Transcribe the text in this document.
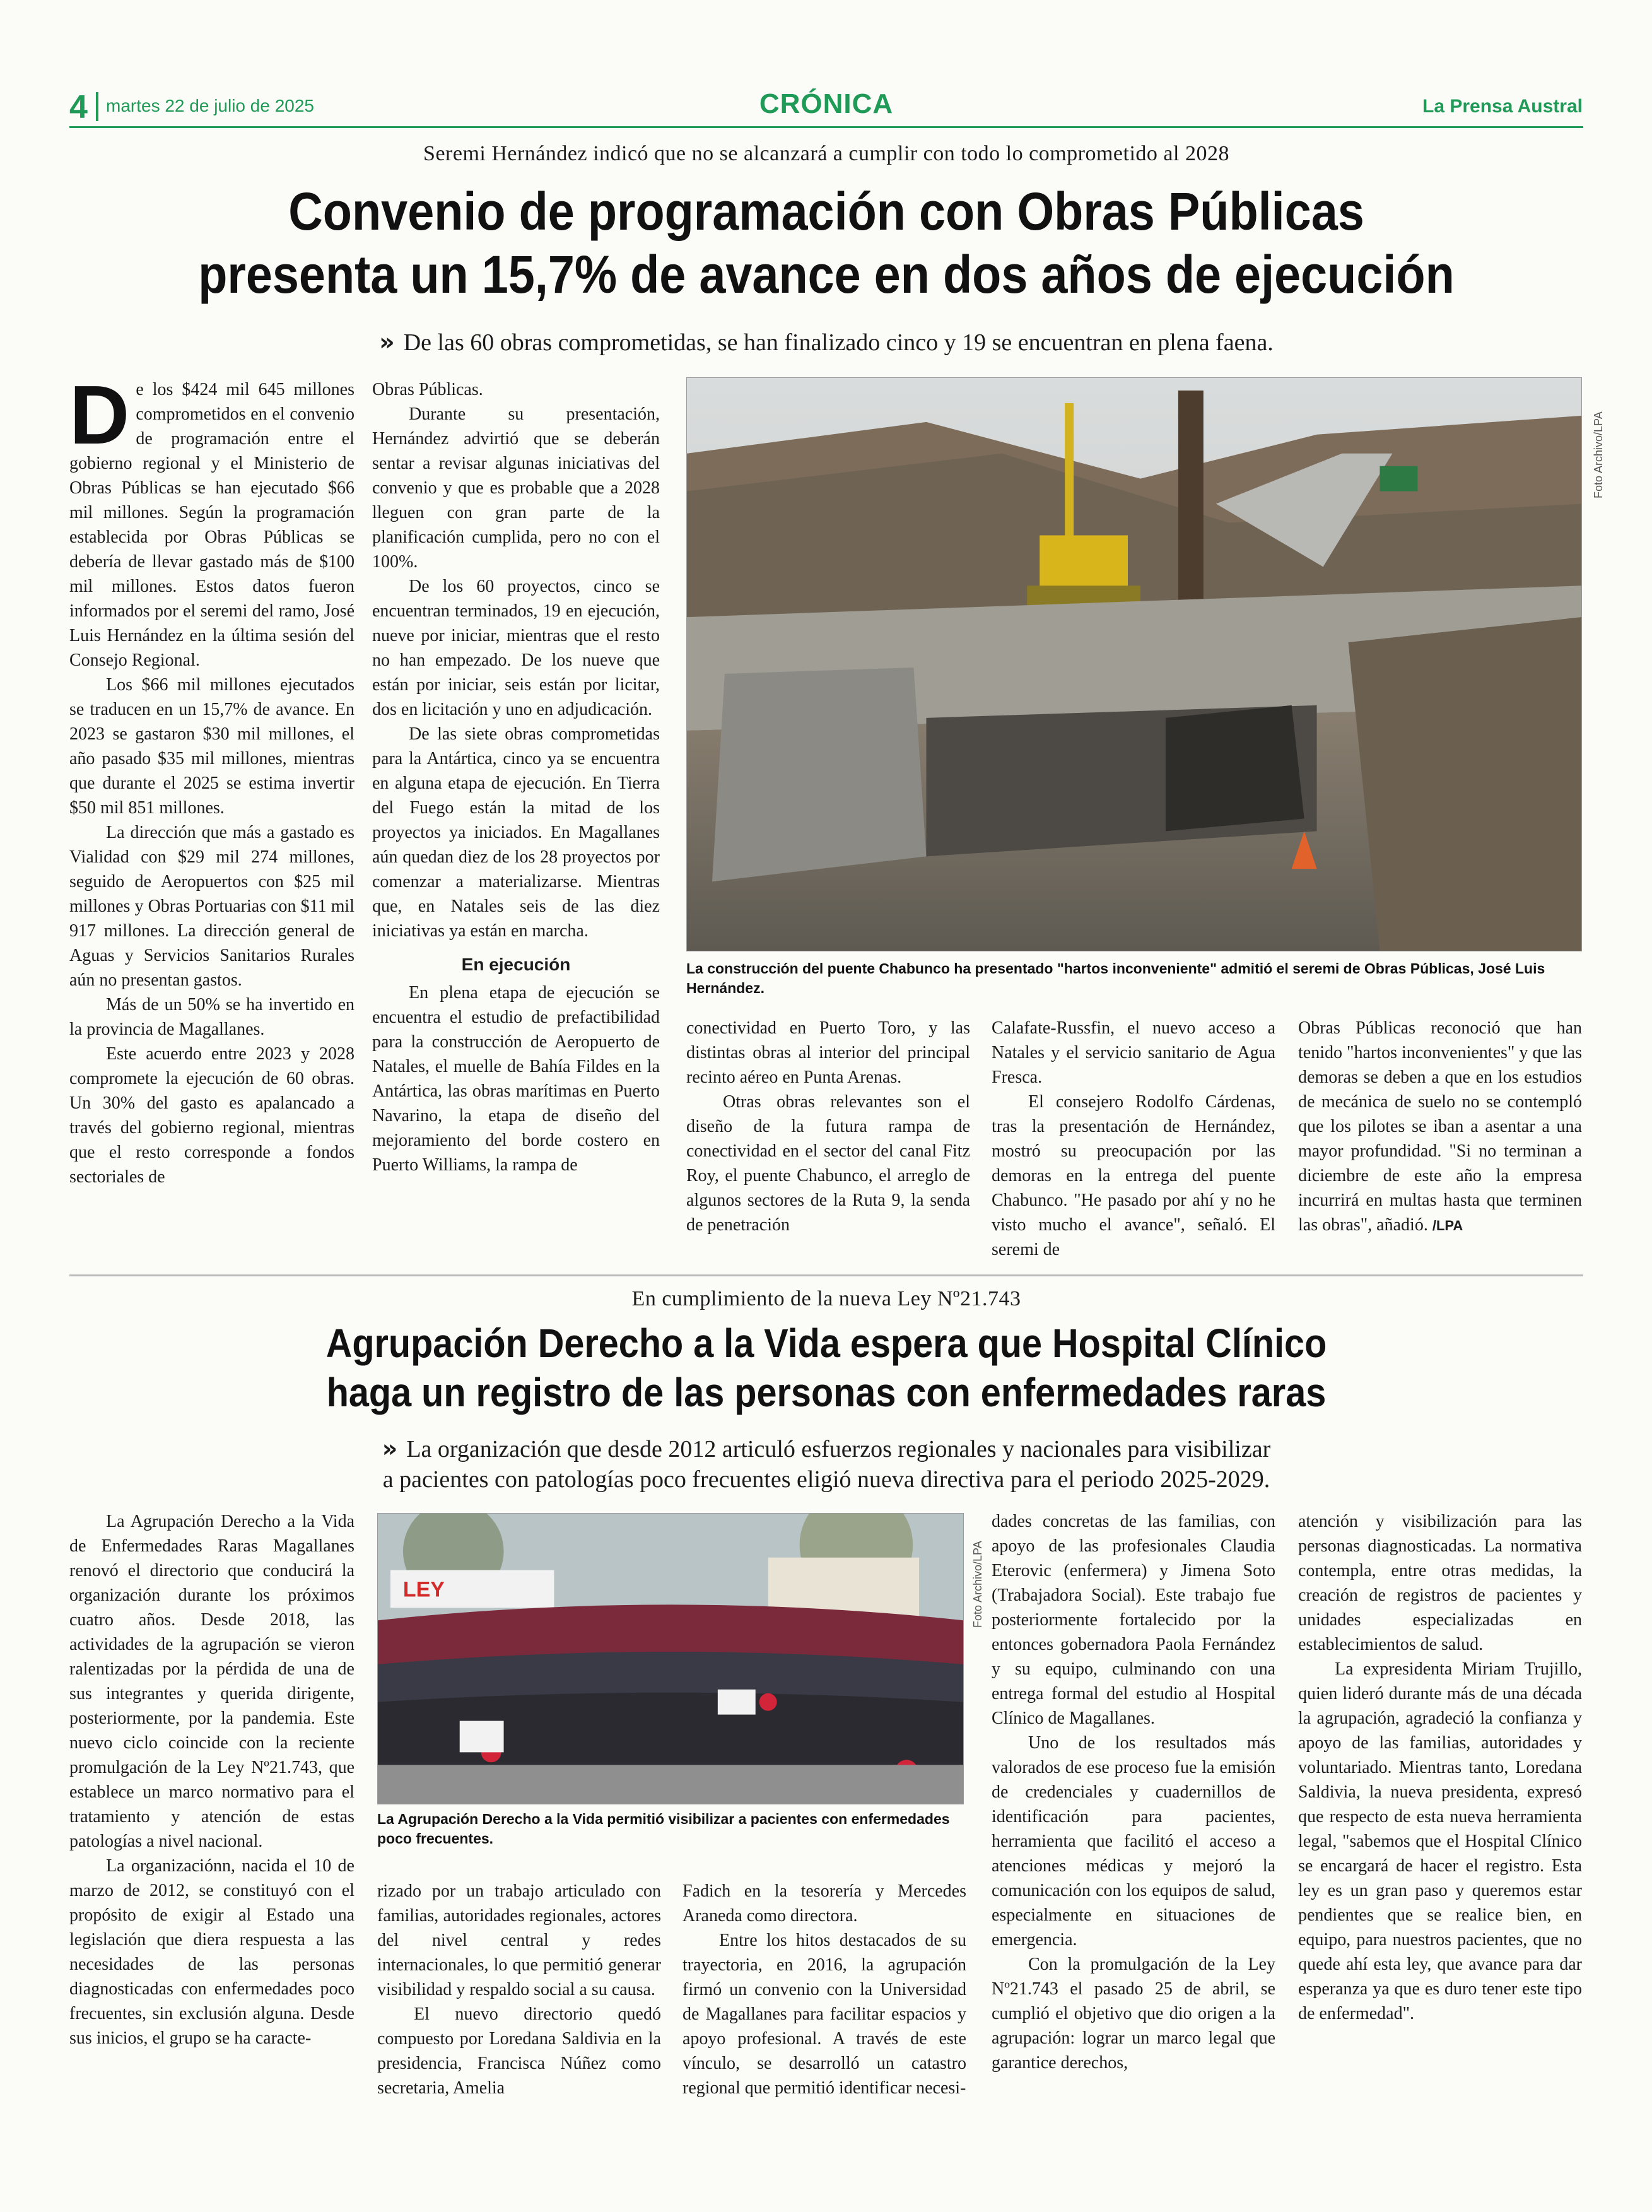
4 martes 22 de julio de 2025	CRÓNICA	La Prensa Austral
Seremi Hernández indicó que no se alcanzará a cumplir con todo lo comprometido al 2028
Convenio de programación con Obras Públicas
presenta un 15,7% de avance en dos años de ejecución
» De las 60 obras comprometidas, se han finalizado cinco y 19 se encuentran en plena faena.

De los $424 mil 645 millones comprometidos en el convenio de programación entre el gobierno regional y el Ministerio de Obras Públicas se han ejecutado $66 mil millones. Según la programación establecida por Obras Públicas se debería de llevar gastado más de $100 mil millones. Estos datos fueron informados por el seremi del ramo, José Luis Hernández en la última sesión del Consejo Regional.

Los $66 mil millones ejecutados se traducen en un 15,7% de avance. En 2023 se gastaron $30 mil millones, el año pasado $35 mil millones, mientras que durante el 2025 se estima invertir $50 mil 851 millones.

La dirección que más a gastado es Vialidad con $29 mil 274 millones, seguido de Aeropuertos con $25 mil millones y Obras Portuarias con $11 mil 917 millones. La dirección general de Aguas y Servicios Sanitarios Rurales aún no presentan gastos.

Más de un 50% se ha invertido en la provincia de Magallanes.

Este acuerdo entre 2023 y 2028 compromete la ejecución de 60 obras. Un 30% del gasto es apalancado a través del gobierno regional, mientras que el resto corresponde a fondos sectoriales de

Obras Públicas.

Durante su presentación, Hernández advirtió que se deberán sentar a revisar algunas iniciativas del convenio y que es probable que a 2028 lleguen con gran parte de la planificación cumplida, pero no con el 100%.

De los 60 proyectos, cinco se encuentran terminados, 19 en ejecución, nueve por iniciar, mientras que el resto no han empezado. De los nueve que están por iniciar, seis están por licitar, dos en licitación y uno en adjudicación.

De las siete obras comprometidas para la Antártica, cinco ya se encuentra en alguna etapa de ejecución. En Tierra del Fuego están la mitad de los proyectos ya iniciados. En Magallanes aún quedan diez de los 28 proyectos por comenzar a materializarse. Mientras que, en Natales seis de las diez iniciativas ya están en marcha.

En ejecución

En plena etapa de ejecución se encuentra el estudio de prefactibilidad para la construcción de Aeropuerto de Natales, el muelle de Bahía Fildes en la Antártica, las obras marítimas en Puerto Navarino, la etapa de diseño del mejoramiento del borde costero en Puerto Williams, la rampa de

Foto Archivo/LPA
La construcción del puente Chabunco ha presentado "hartos inconveniente" admitió el seremi de Obras Públicas, José Luis Hernández.

conectividad en Puerto Toro, y las distintas obras al interior del principal recinto aéreo en Punta Arenas.

Otras obras relevantes son el diseño de la futura rampa de conectividad en el sector del canal Fitz Roy, el puente Chabunco, el arreglo de algunos sectores de la Ruta 9, la senda de penetración

Calafate-Russfin, el nuevo acceso a Natales y el servicio sanitario de Agua Fresca.

El consejero Rodolfo Cárdenas, tras la presentación de Hernández, mostró su preocupación por las demoras en la entrega del puente Chabunco. "He pasado por ahí y no he visto mucho el avance", señaló. El seremi de

Obras Públicas reconoció que han tenido "hartos inconvenientes" y que las demoras se deben a que en los estudios de mecánica de suelo no se contempló que los pilotes se iban a asentar a una mayor profundidad. "Si no terminan a diciembre de este año la empresa incurrirá en multas hasta que terminen las obras", añadió. /LPA

En cumplimiento de la nueva Ley Nº21.743
Agrupación Derecho a la Vida espera que Hospital Clínico
haga un registro de las personas con enfermedades raras
» La organización que desde 2012 articuló esfuerzos regionales y nacionales para visibilizar
a pacientes con patologías poco frecuentes eligió nueva directiva para el periodo 2025-2029.

La Agrupación Derecho a la Vida de Enfermedades Raras Magallanes renovó el directorio que conducirá la organización durante los próximos cuatro años. Desde 2018, las actividades de la agrupación se vieron ralentizadas por la pérdida de una de sus integrantes y querida dirigente, posteriormente, por la pandemia. Este nuevo ciclo coincide con la reciente promulgación de la Ley Nº21.743, que establece un marco normativo para el tratamiento y atención de estas patologías a nivel nacional.

La organizaciónn, nacida el 10 de marzo de 2012, se constituyó con el propósito de exigir al Estado una legislación que diera respuesta a las necesidades de las personas diagnosticadas con enfermedades poco frecuentes, sin exclusión alguna. Desde sus inicios, el grupo se ha caracte-

LEY	Foto Archivo/LPA
La Agrupación Derecho a la Vida permitió visibilizar a pacientes con enfermedades poco frecuentes.

rizado por un trabajo articulado con familias, autoridades regionales, actores del nivel central y redes internacionales, lo que permitió generar visibilidad y respaldo social a su causa.

El nuevo directorio quedó compuesto por Loredana Saldivia en la presidencia, Francisca Núñez como secretaria, Amelia

Fadich en la tesorería y Mercedes Araneda como directora.

Entre los hitos destacados de su trayectoria, en 2016, la agrupación firmó un convenio con la Universidad de Magallanes para facilitar espacios y apoyo profesional. A través de este vínculo, se desarrolló un catastro regional que permitió identificar necesi-

dades concretas de las familias, con apoyo de las profesionales Claudia Eterovic (enfermera) y Jimena Soto (Trabajadora Social). Este trabajo fue posteriormente fortalecido por la entonces gobernadora Paola Fernández y su equipo, culminando con una entrega formal del estudio al Hospital Clínico de Magallanes.

Uno de los resultados más valorados de ese proceso fue la emisión de credenciales y cuadernillos de identificación para pacientes, herramienta que facilitó el acceso a atenciones médicas y mejoró la comunicación con los equipos de salud, especialmente en situaciones de emergencia.

Con la promulgación de la Ley Nº21.743 el pasado 25 de abril, se cumplió el objetivo que dio origen a la agrupación: lograr un marco legal que garantice derechos,

atención y visibilización para las personas diagnosticadas. La normativa contempla, entre otras medidas, la creación de registros de pacientes y unidades especializadas en establecimientos de salud.

La expresidenta Miriam Trujillo, quien lideró durante más de una década la agrupación, agradeció la confianza y apoyo de las familias, autoridades y voluntariado. Mientras tanto, Loredana Saldivia, la nueva presidenta, expresó que respecto de esta nueva herramienta legal, "sabemos que el Hospital Clínico se encargará de hacer el registro. Esta ley es un gran paso y queremos estar pendientes que se realice bien, en equipo, para nuestros pacientes, que no quede ahí esta ley, que avance para dar esperanza ya que es duro tener este tipo de enfermedad".
